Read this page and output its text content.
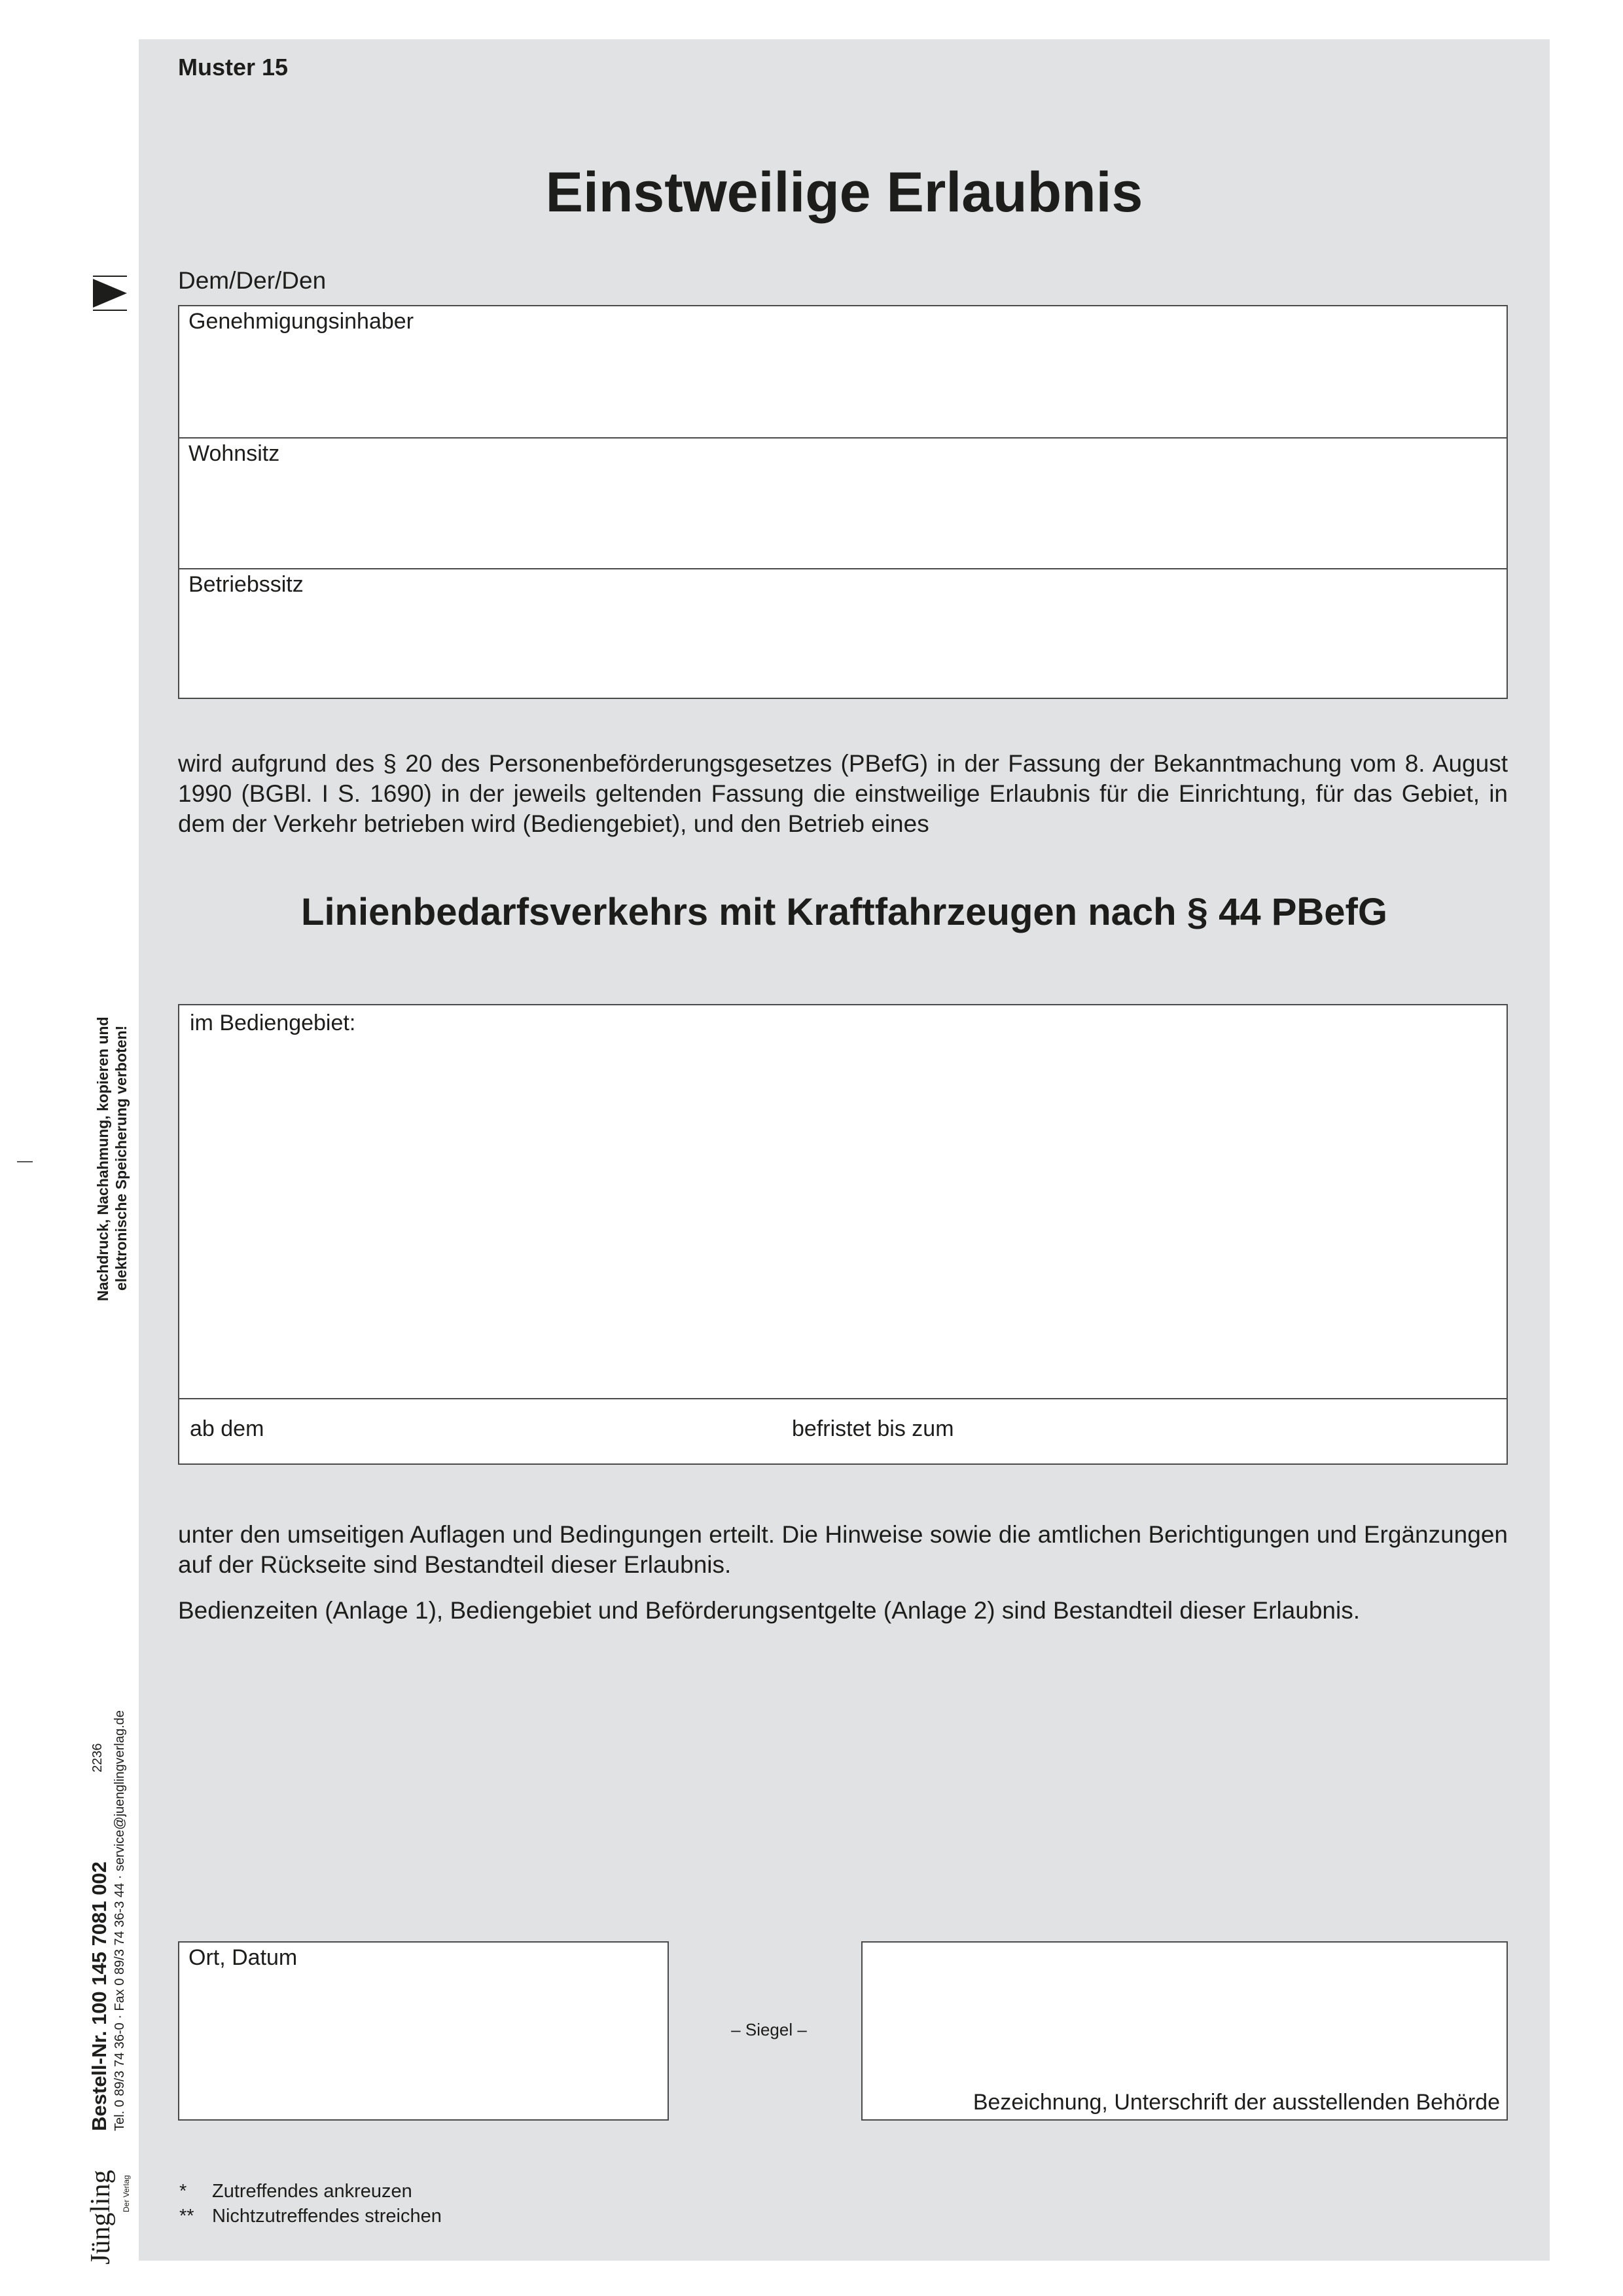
Muster 15
Einstweilige Erlaubnis
Dem/Der/Den
Genehmigungsinhaber
Wohnsitz
Betriebssitz
wird aufgrund des § 20 des Personenbeförderungsgesetzes (PBefG) in der Fassung der Bekanntmachung vom 8. August 1990 (BGBl. I S. 1690) in der jeweils geltenden Fassung die einstweilige Erlaubnis für die Einrichtung, für das Gebiet, in dem der Verkehr betrieben wird (Bediengebiet), und den Betrieb eines
Linienbedarfsverkehrs mit Kraftfahrzeugen nach § 44 PBefG
im Bediengebiet:
ab dem	befristet bis zum
unter den umseitigen Auflagen und Bedingungen erteilt. Die Hinweise sowie die amtlichen Berichtigungen und Ergänzungen auf der Rückseite sind Bestandteil dieser Erlaubnis.
Bedienzeiten (Anlage 1), Bediengebiet und Beförderungsentgelte (Anlage 2) sind Bestandteil dieser Erlaubnis.
Ort, Datum
– Siegel –
Bezeichnung, Unterschrift der ausstellenden Behörde
* Zutreffendes ankreuzen
** Nichtzutreffendes streichen
Nachdruck, Nachahmung, kopieren und elektronische Speicherung verboten!
Bestell-Nr. 100 145 7081 002
2236 Tel. 0 89/3 74 36-0 · Fax 0 89/3 74 36-3 44 · service@juenglingverlag.de
Jüngling Der Verlag
